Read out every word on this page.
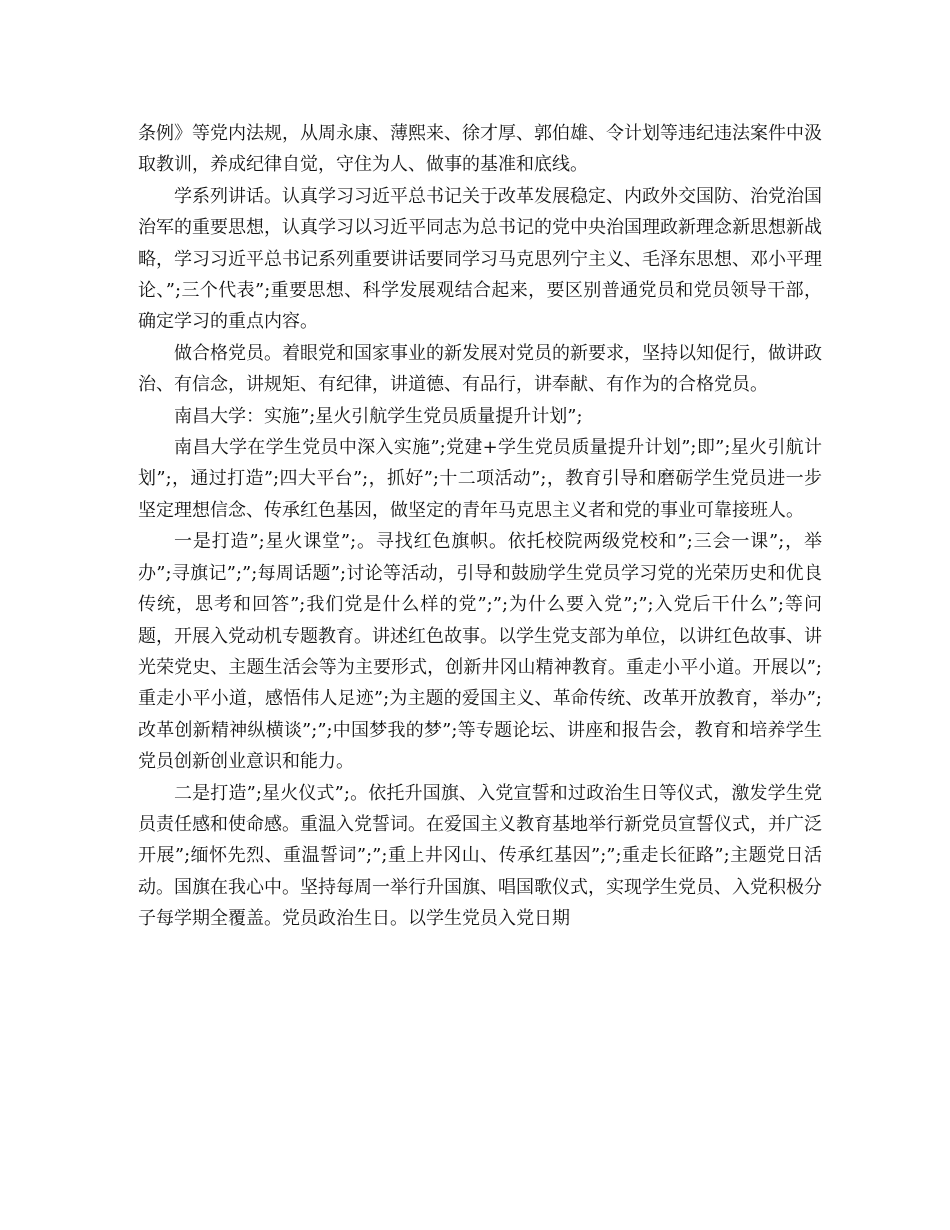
条例》等党内法规，从周永康、薄熙来、徐才厚、郭伯雄、令计划等违纪违法案件中汲取教训，养成纪律自觉，守住为人、做事的基准和底线。

学系列讲话。认真学习习近平总书记关于改革发展稳定、内政外交国防、治党治国治军的重要思想，认真学习以习近平同志为总书记的党中央治国理政新理念新思想新战略，学习习近平总书记系列重要讲话要同学习马克思列宁主义、毛泽东思想、邓小平理论、”;三个代表”;重要思想、科学发展观结合起来，要区别普通党员和党员领导干部，确定学习的重点内容。

做合格党员。着眼党和国家事业的新发展对党员的新要求，坚持以知促行，做讲政治、有信念，讲规矩、有纪律，讲道德、有品行，讲奉献、有作为的合格党员。

南昌大学：实施”;星火引航学生党员质量提升计划”;

南昌大学在学生党员中深入实施”;党建+学生党员质量提升计划”;即”;星火引航计划”;，通过打造”;四大平台”;，抓好”;十二项活动”;，教育引导和磨砺学生党员进一步坚定理想信念、传承红色基因，做坚定的青年马克思主义者和党的事业可靠接班人。

一是打造”;星火课堂”;。寻找红色旗帜。依托校院两级党校和”;三会一课”;，举办”;寻旗记”;”;每周话题”;讨论等活动，引导和鼓励学生党员学习党的光荣历史和优良传统，思考和回答”;我们党是什么样的党”;”;为什么要入党”;”;入党后干什么”;等问题，开展入党动机专题教育。讲述红色故事。以学生党支部为单位，以讲红色故事、讲光荣党史、主题生活会等为主要形式，创新井冈山精神教育。重走小平小道。开展以”;重走小平小道，感悟伟人足迹”;为主题的爱国主义、革命传统、改革开放教育，举办”;改革创新精神纵横谈”;”;中国梦我的梦”;等专题论坛、讲座和报告会，教育和培养学生党员创新创业意识和能力。

二是打造”;星火仪式”;。依托升国旗、入党宣誓和过政治生日等仪式，激发学生党员责任感和使命感。重温入党誓词。在爱国主义教育基地举行新党员宣誓仪式，并广泛开展”;缅怀先烈、重温誓词”;”;重上井冈山、传承红基因”;”;重走长征路”;主题党日活动。国旗在我心中。坚持每周一举行升国旗、唱国歌仪式，实现学生党员、入党积极分子每学期全覆盖。党员政治生日。以学生党员入党日期
